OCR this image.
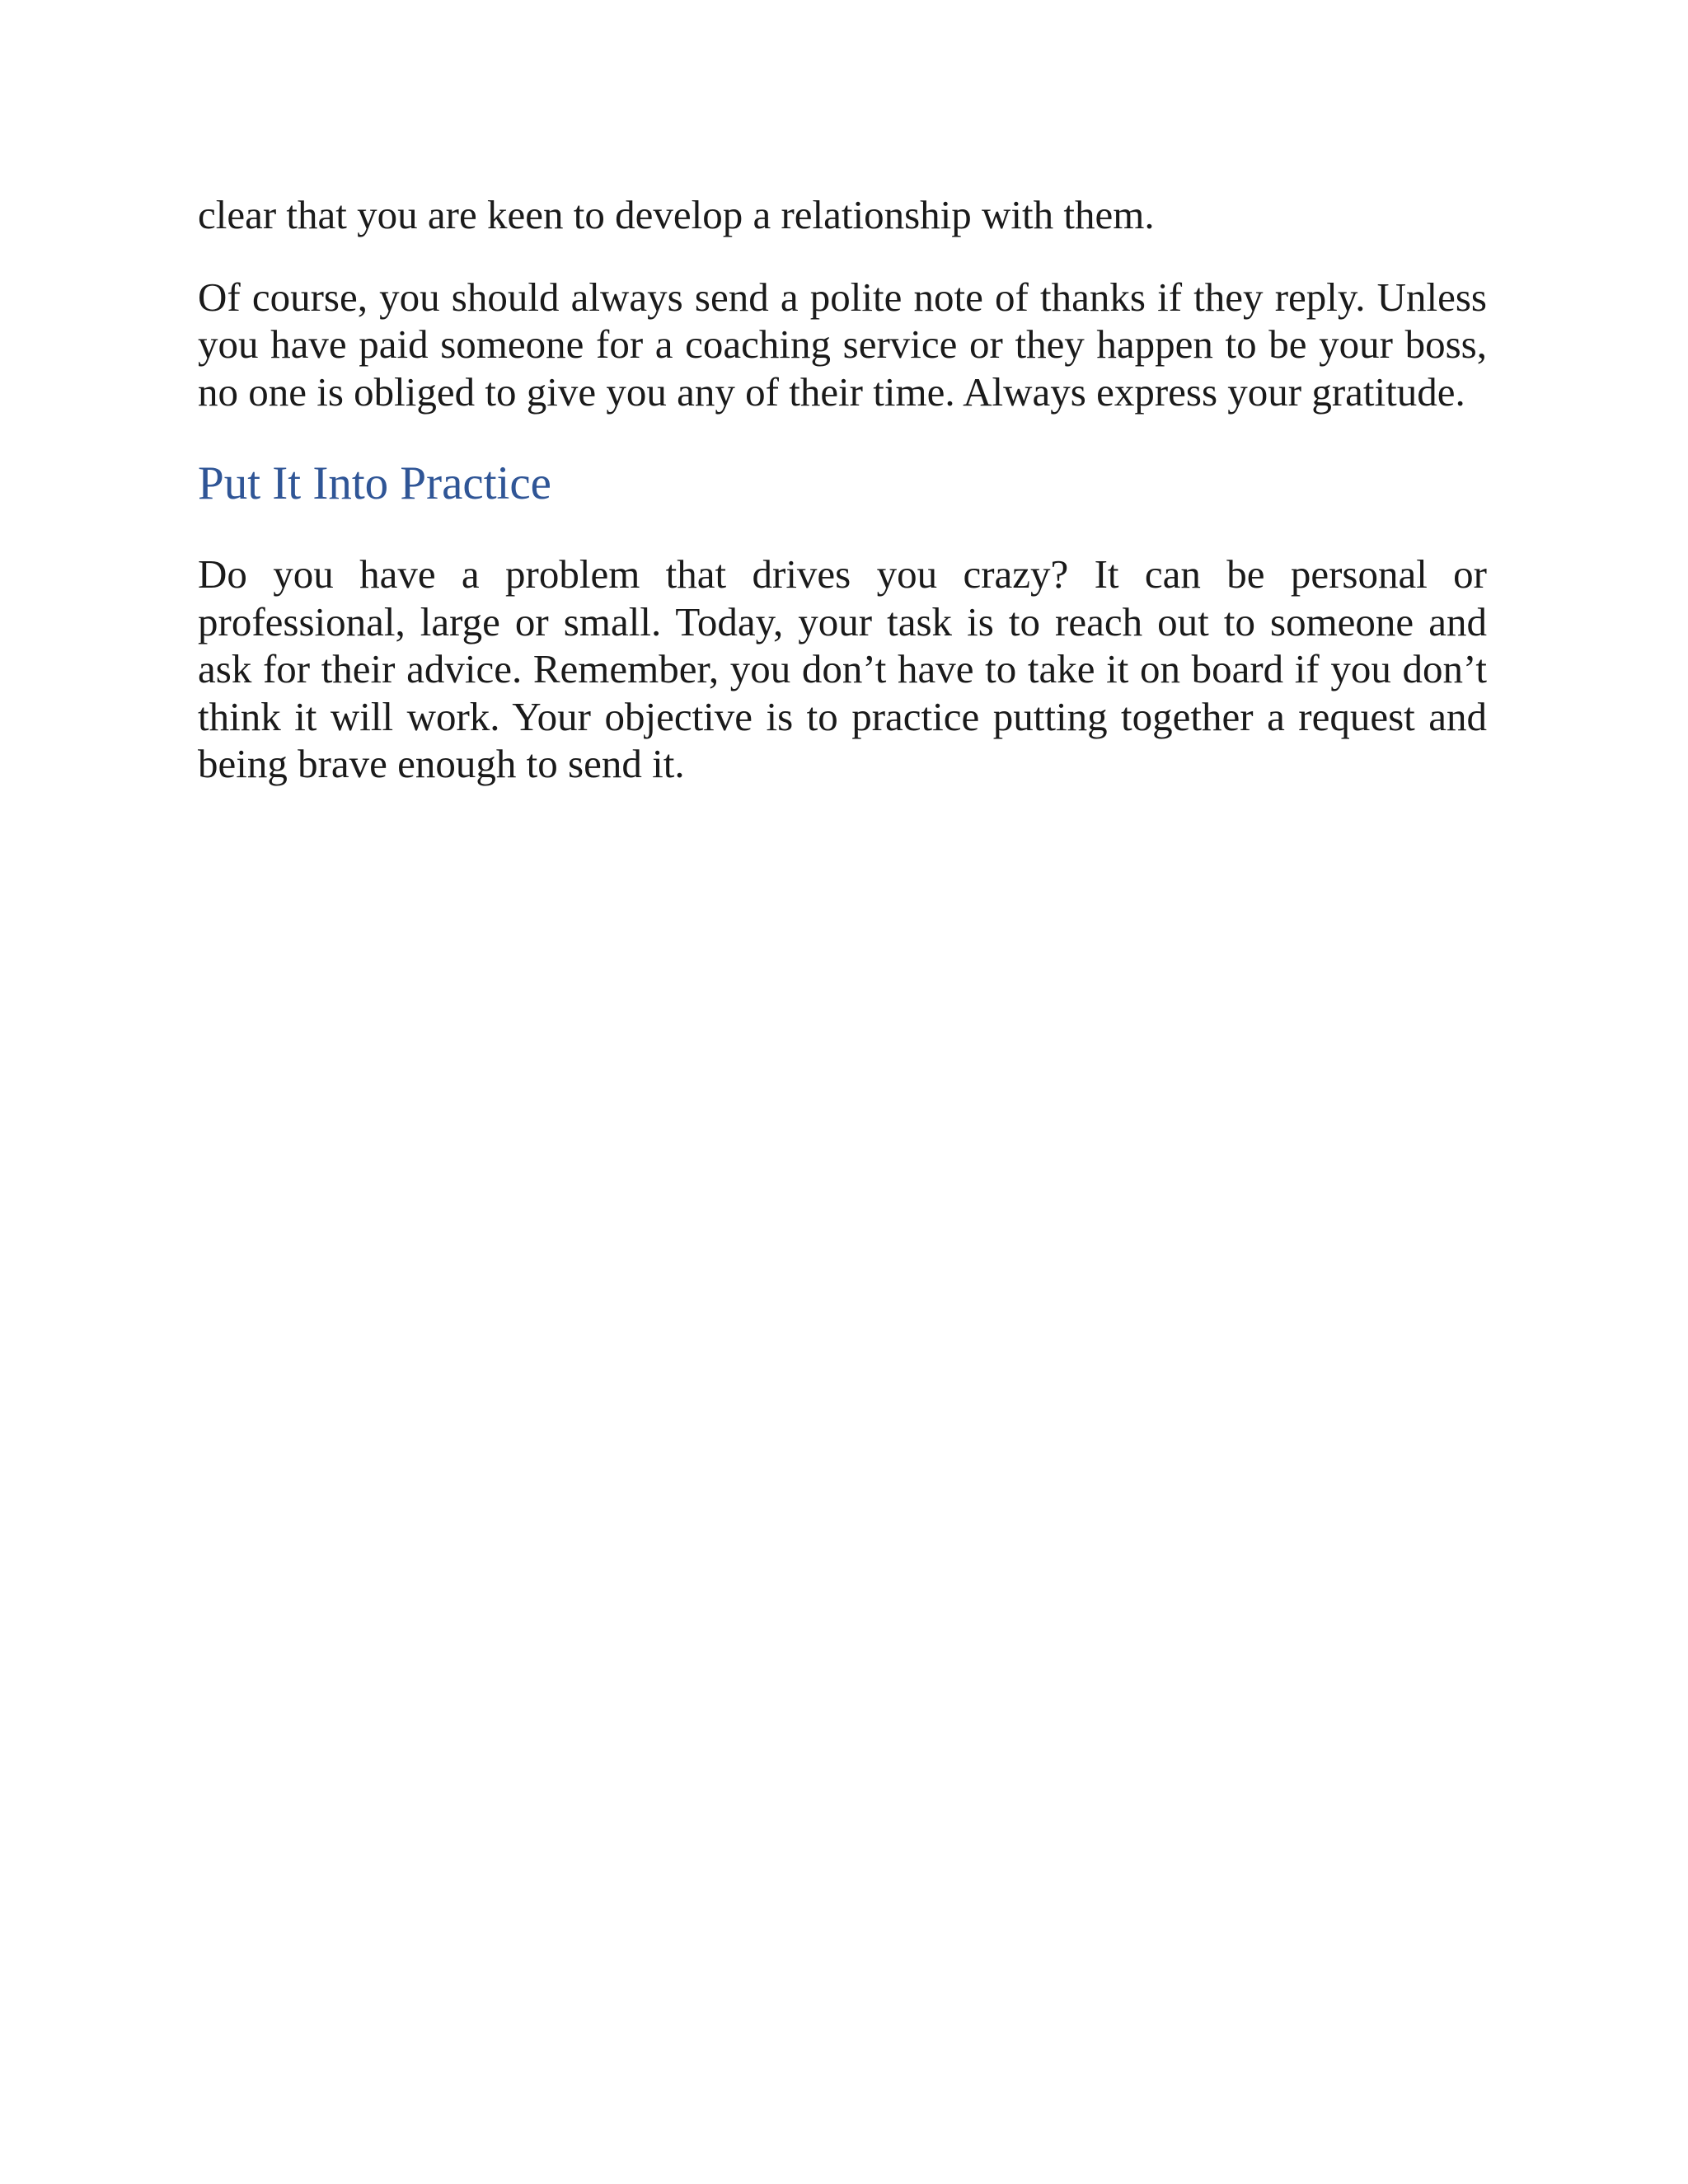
clear that you are keen to develop a relationship with them.

Of course, you should always send a polite note of thanks if they reply. Unless you have paid someone for a coaching service or they happen to be your boss, no one is obliged to give you any of their time. Always express your gratitude.

Put It Into Practice

Do you have a problem that drives you crazy? It can be personal or professional, large or small. Today, your task is to reach out to someone and ask for their advice. Remember, you don’t have to take it on board if you don’t think it will work. Your objective is to practice putting together a request and being brave enough to send it.
